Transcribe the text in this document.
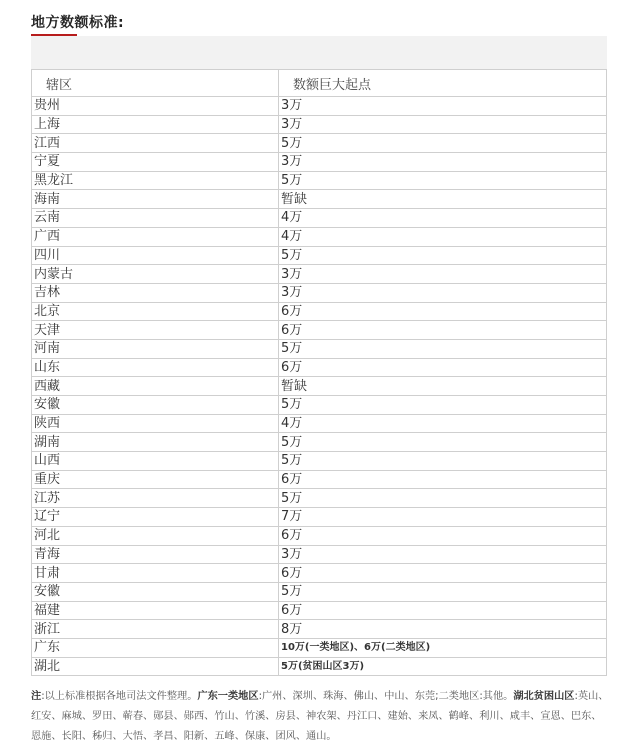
地方数额标准:
辖区	数额巨大起点
贵州	3万
上海	3万
江西	5万
宁夏	3万
黑龙江	5万
海南	暂缺
云南	4万
广西	4万
四川	5万
内蒙古	3万
吉林	3万
北京	6万
天津	6万
河南	5万
山东	6万
西藏	暂缺
安徽	5万
陕西	4万
湖南	5万
山西	5万
重庆	6万
江苏	5万
辽宁	7万
河北	6万
青海	3万
甘肃	6万
安徽	5万
福建	6万
浙江	8万
广东	10万(一类地区)、6万(二类地区)
湖北	5万(贫困山区3万)
注:以上标准根据各地司法文件整理。广东一类地区:广州、深圳、珠海、佛山、中山、东莞;二类地区:其他。湖北贫困山区:英山、红安、麻城、罗田、蕲春、郧县、郧西、竹山、竹溪、房县、神农架、丹江口、建始、来凤、鹤峰、利川、咸丰、宣恩、巴东、恩施、长阳、秭归、大悟、孝昌、阳新、五峰、保康、团风、通山。
